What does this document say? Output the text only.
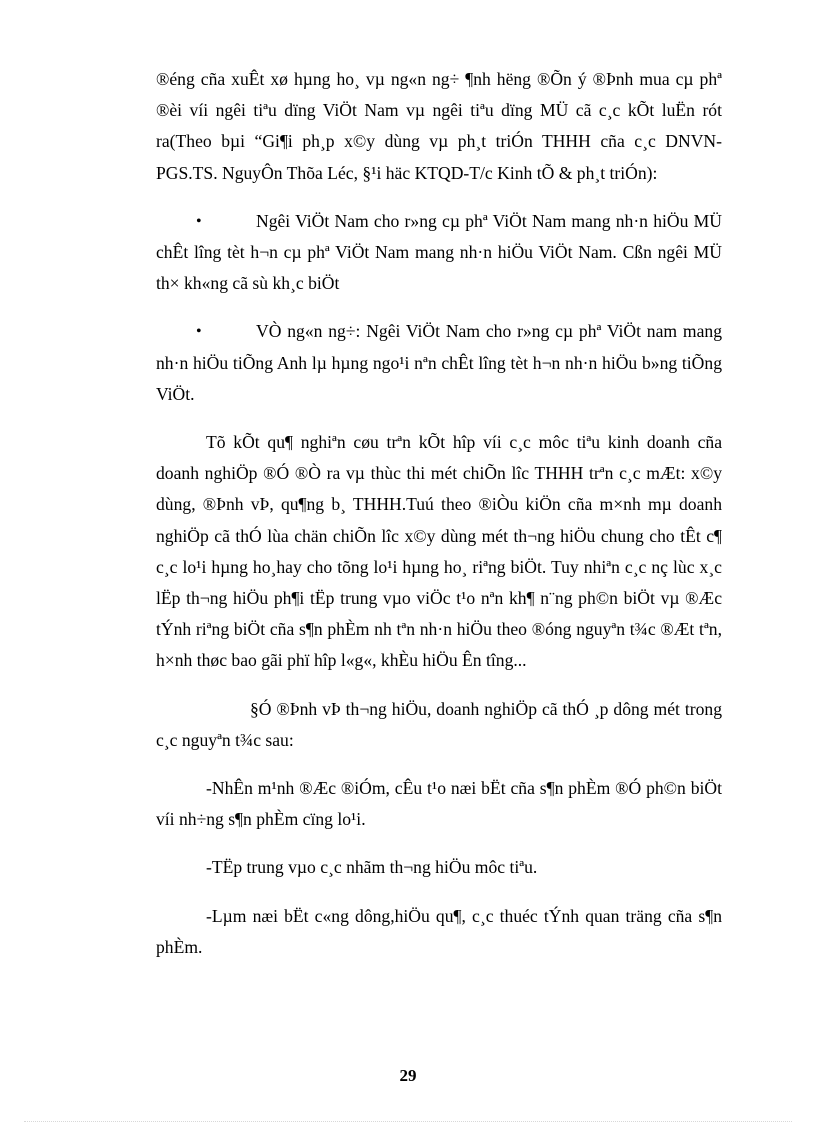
®éng cña xuÊt xø hµng ho¸ vµ ng«n ng÷ ¶nh hëng ®Õn ý ®Þnh mua cµ phª ®èi víi ngêi tiªu dïng ViÖt Nam vµ ngêi tiªu dïng MÜ cã c¸c kÕt luËn rót ra(Theo bµi “Gi¶i ph¸p x©y dùng vµ ph¸t triÓn THHH cña c¸c DNVN- PGS.TS. NguyÔn Thõa Léc, §¹i häc KTQD-T/c Kinh tÕ & ph¸t triÓn):

•	Ngêi ViÖt Nam cho r»ng cµ phª ViÖt Nam mang nh·n hiÖu MÜ chÊt lîng tèt h¬n cµ phª ViÖt Nam mang nh·n hiÖu ViÖt Nam. Cßn ngêi MÜ th× kh«ng cã sù kh¸c biÖt

•	VÒ ng«n ng÷: Ngêi ViÖt Nam cho r»ng cµ phª ViÖt nam mang nh·n hiÖu tiÕng Anh lµ hµng ngo¹i nªn chÊt lîng tèt h¬n nh·n hiÖu b»ng tiÕng ViÖt.

Tõ kÕt qu¶ nghiªn cøu trªn kÕt hîp víi c¸c môc tiªu kinh doanh cña doanh nghiÖp ®Ó ®Ò ra vµ thùc thi mét chiÕn lîc THHH trªn c¸c mÆt: x©y dùng, ®Þnh vÞ, qu¶ng b¸ THHH.Tuú theo ®iÒu kiÖn cña m×nh mµ doanh nghiÖp cã thÓ lùa chän chiÕn lîc x©y dùng mét th¬ng hiÖu chung cho tÊt c¶ c¸c lo¹i hµng ho¸hay cho tõng lo¹i hµng ho¸ riªng biÖt. Tuy nhiªn c¸c nç lùc x¸c lËp th¬ng hiÖu ph¶i tËp trung vµo viÖc t¹o nªn kh¶ n¨ng ph©n biÖt vµ ®Æc tÝnh riªng biÖt cña s¶n phÈm nh tªn nh·n hiÖu theo ®óng nguyªn t¾c ®Æt tªn, h×nh thøc bao gãi phï hîp l«g«, khÈu hiÖu Ên tîng...

§Ó ®Þnh vÞ th¬ng hiÖu, doanh nghiÖp cã thÓ ¸p dông mét trong c¸c nguyªn t¾c sau:

-NhÊn m¹nh ®Æc ®iÓm, cÊu t¹o næi bËt cña s¶n phÈm ®Ó ph©n biÖt víi nh÷ng s¶n phÈm cïng lo¹i.

-TËp trung vµo c¸c nhãm th¬ng hiÖu môc tiªu.

-Lµm næi bËt c«ng dông,hiÖu qu¶, c¸c thuéc tÝnh quan träng cña s¶n phÈm.

29
